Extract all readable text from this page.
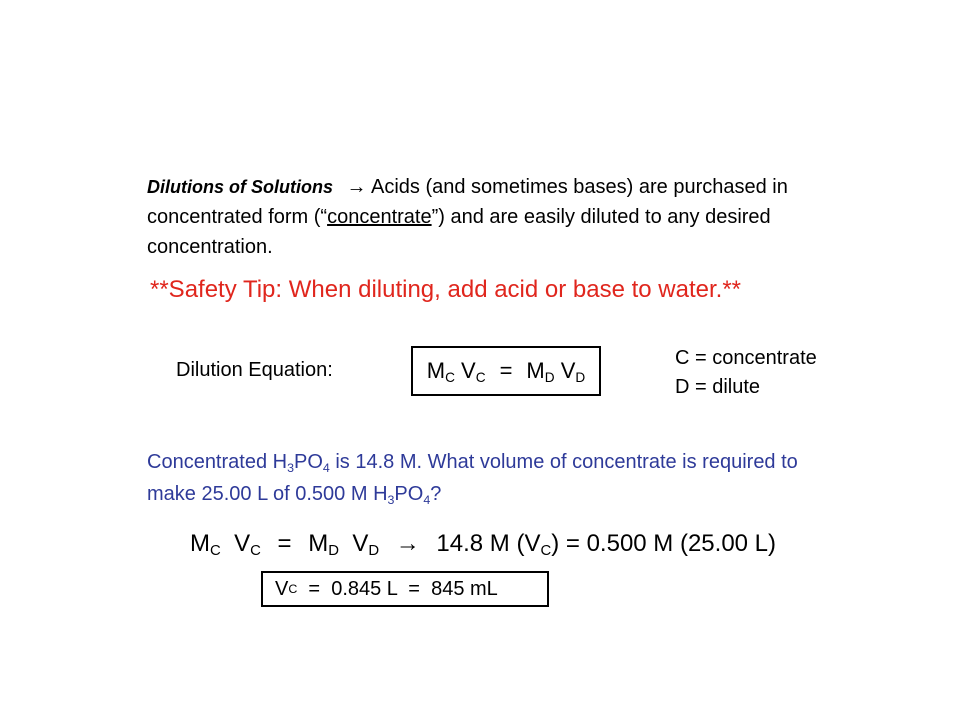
Dilutions of Solutions → Acids (and sometimes bases) are purchased in concentrated form (“concentrate”) and are easily diluted to any desired concentration.
**Safety Tip: When diluting, add acid or base to water.**
Dilution Equation:	$M_C$
$V_C = M_D$
$V_D$
C = concentrate
D = dilute
Concentrated $H_3PO_4$ is 14.8 M. What volume of concentrate is required to make 25.00 L of 0.500 M $H_3PO_4$?
$M_C$ $V_C = M_D$ $V_D \to 14.8$ M $(V_C) = 0.500$ M (25.00 L)
V C =  0.845 L  =  845 mL
